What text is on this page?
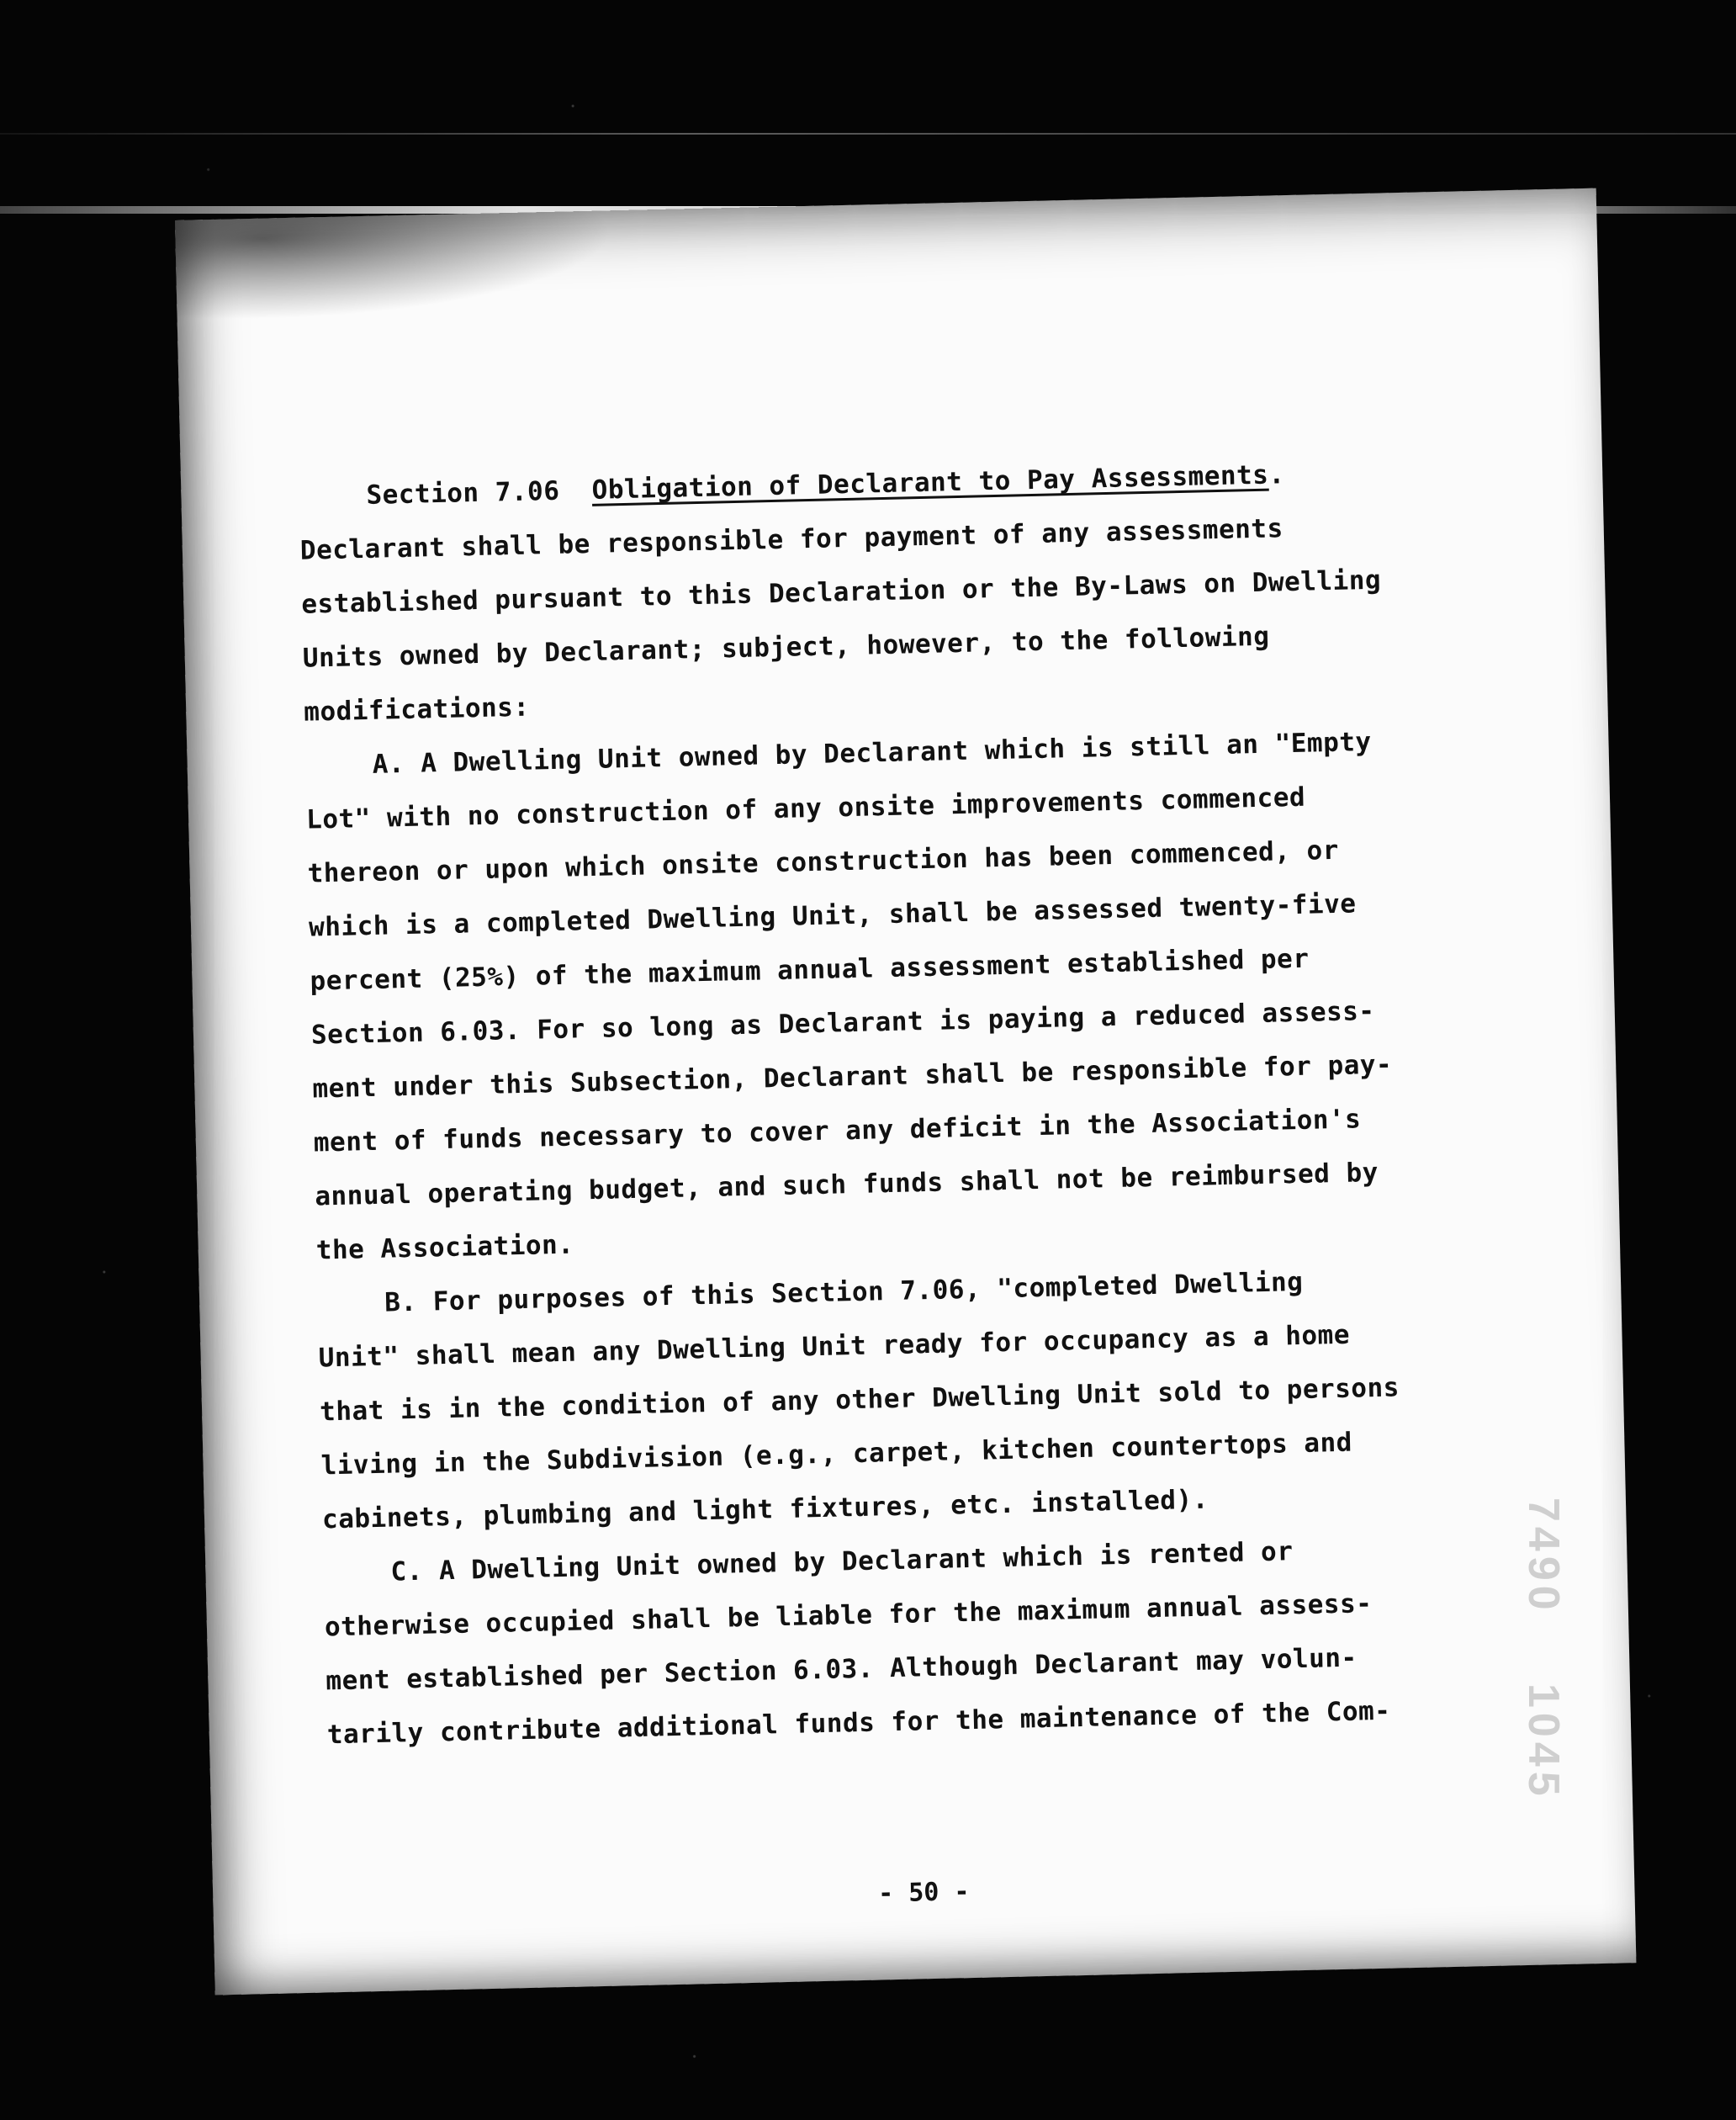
Section 7.06 Obligation of Declarant to Pay Assessments.
Declarant shall be responsible for payment of any assessments
established pursuant to this Declaration or the By-Laws on Dwelling
Units owned by Declarant; subject, however, to the following
modifications:
A. A Dwelling Unit owned by Declarant which is still an "Empty
Lot" with no construction of any onsite improvements commenced
thereon or upon which onsite construction has been commenced, or
which is a completed Dwelling Unit, shall be assessed twenty-five
percent (25%) of the maximum annual assessment established per
Section 6.03. For so long as Declarant is paying a reduced assess-
ment under this Subsection, Declarant shall be responsible for pay-
ment of funds necessary to cover any deficit in the Association's
annual operating budget, and such funds shall not be reimbursed by
the Association.
B. For purposes of this Section 7.06, "completed Dwelling
Unit" shall mean any Dwelling Unit ready for occupancy as a home
that is in the condition of any other Dwelling Unit sold to persons
living in the Subdivision (e.g., carpet, kitchen countertops and
cabinets, plumbing and light fixtures, etc. installed).
C. A Dwelling Unit owned by Declarant which is rented or
otherwise occupied shall be liable for the maximum annual assess-
ment established per Section 6.03. Although Declarant may volun-
tarily contribute additional funds for the maintenance of the Com-
- 50 -
7490  1045
